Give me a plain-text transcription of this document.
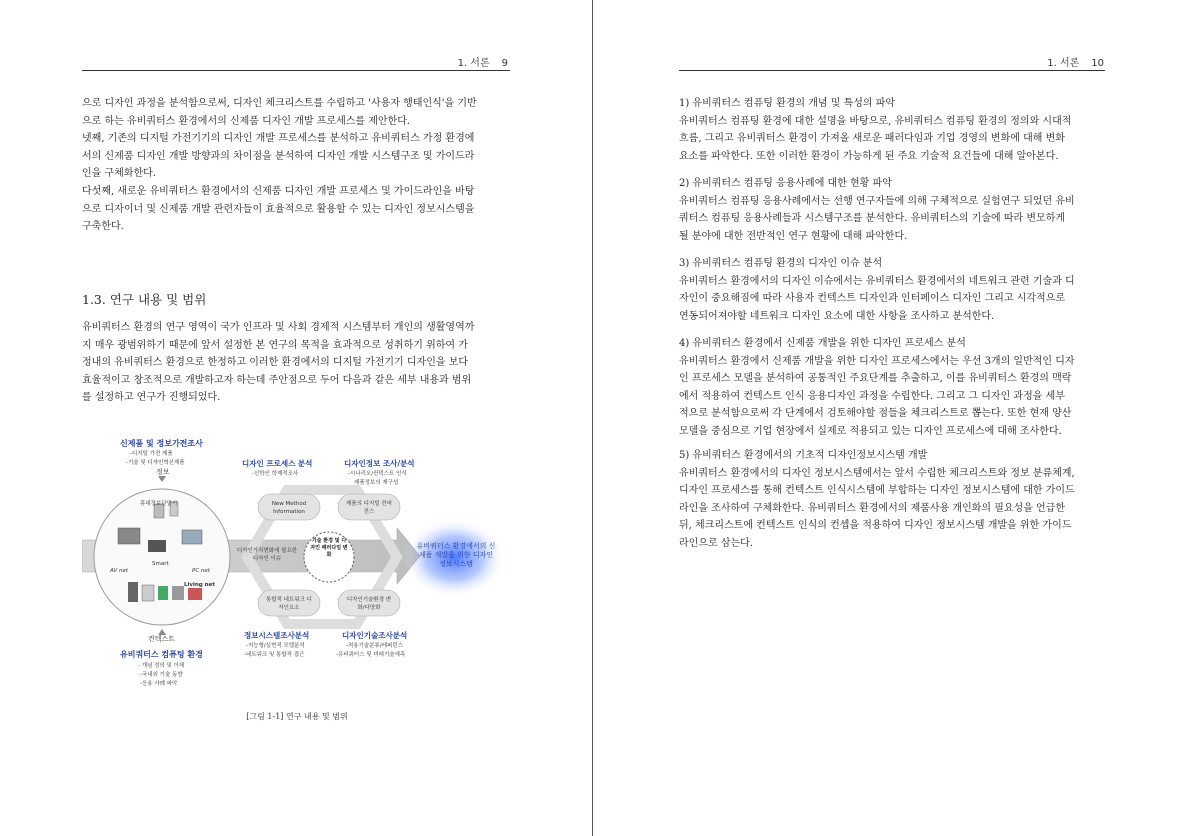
1. 서론 9
으로 디자인 과정을 분석함으로써, 디자인 체크리스트를 수립하고 '사용자 행태인식'을 기반
으로 하는 유비쿼터스 환경에서의 신제품 디자인 개발 프로세스를 제안한다.
넷째, 기존의 디지털 가전기기의 디자인 개발 프로세스를 분석하고 유비쿼터스 가정 환경에
서의 신제품 디자인 개발 방향과의 차이점을 분석하여 디자인 개발 시스템구조 및 가이드라
인을 구체화한다.
다섯째, 새로운 유비쿼터스 환경에서의 신제품 디자인 개발 프로세스 및 가이드라인을 바탕
으로 디자이너 및 신제품 개발 관련자들이 효율적으로 활용할 수 있는 디자인 정보시스템을
구축한다.
1.3. 연구 내용 및 범위
유비쿼터스 환경의 연구 영역이 국가 인프라 및 사회 경제적 시스템부터 개인의 생활영역까
지 매우 광범위하기 때문에 앞서 설정한 본 연구의 목적을 효과적으로 성취하기 위하여 가
정내의 유비쿼터스 환경으로 한정하고 이러한 환경에서의 디지털 가전기기 디자인을 보다
효율적이고 창조적으로 개발하고자 하는데 주안점으로 두어 다음과 같은 세부 내용과 범위
를 설정하고 연구가 진행되었다.
신제품 및 정보가전조사
-디지털 가전 제품
-기술 및 디자인혁신제품
정보
휴대정보단말기
AV net
Smart
PC net
Living net
컨텍스트
유비쿼터스 컴퓨팅 환경
- 개념 정의 및 이해
-국내외 기술 동향
-응용 사례 파악
디자인 프로세스 분석
-신학인 학제적조사
디자인정보 조사/분석
-시나리오/컨텍스트 인식
제품정보의 재구성
New Method Information
제품의 디지털 컨버전스
디자인가치변화에 필요한 디자인 이슈
기술 환경 및 디자인 패러다임 변화
통합적 네트워크 디자인요소
디자인기술환경 변화/다양화
정보시스템조사분석
-지능형/실현적 모델분석
-네트워크 및 통합적 접근
디자인기술조사분석
-적용기술분류/레퍼런스
-유비쿼터스 및 미래기술예측
유비쿼터스 환경에서의 신제품 개발을 위한 디자인 정보시스템
[그림 1-1] 연구 내용 및 범위
1. 서론 10
1) 유비쿼터스 컴퓨팅 환경의 개념 및 특성의 파악
유비쿼터스 컴퓨팅 환경에 대한 설명을 바탕으로, 유비쿼터스 컴퓨팅 환경의 정의와 시대적
흐름, 그리고 유비쿼터스 환경이 가져올 새로운 패러다임과 기업 경영의 변화에 대해 변화
요소를 파악한다. 또한 이러한 환경이 가능하게 된 주요 기술적 요건들에 대해 알아본다.
2) 유비쿼터스 컴퓨팅 응용사례에 대한 현황 파악
유비쿼터스 컴퓨팅 응용사례에서는 선행 연구자들에 의해 구체적으로 실험연구 되었던 유비
쿼터스 컴퓨팅 응용사례들과 시스템구조를 분석한다. 유비쿼터스의 기술에 따라 변모하게
될 분야에 대한 전반적인 연구 현황에 대해 파악한다.
3) 유비쿼터스 컴퓨팅 환경의 디자인 이슈 분석
유비쿼터스 환경에서의 디자인 이슈에서는 유비쿼터스 환경에서의 네트워크 관련 기술과 디
자인이 중요해짐에 따라 사용자 컨텍스트 디자인과 인터페이스 디자인 그리고 시각적으로
연동되어져야할 네트워크 디자인 요소에 대한 사항을 조사하고 분석한다.
4) 유비쿼터스 환경에서 신제품 개발을 위한 디자인 프로세스 분석
유비쿼터스 환경에서 신제품 개발을 위한 디자인 프로세스에서는 우선 3개의 일반적인 디자
인 프로세스 모델을 분석하여 공통적인 주요단계를 추출하고, 이를 유비쿼터스 환경의 맥락
에서 적용하여 컨텍스트 인식 응용디자인 과정을 수립한다. 그리고 그 디자인 과정을 세부
적으로 분석함으로써 각 단계에서 검토해야할 점들을 체크리스트로 뽑는다. 또한 현재 양산
모델을 중심으로 기업 현장에서 실제로 적용되고 있는 디자인 프로세스에 대해 조사한다.
5) 유비쿼터스 환경에서의 기초적 디자인정보시스템 개발
유비쿼터스 환경에서의 디자인 정보시스템에서는 앞서 수립한 체크리스트와 정보 분류체계,
디자인 프로세스를 통해 컨텍스트 인식시스템에 부합하는 디자인 정보시스템에 대한 가이드
라인을 조사하여 구체화한다. 유비쿼터스 환경에서의 제품사용 개인화의 필요성을 언급한
뒤, 체크리스트에 컨텍스트 인식의 컨셉을 적용하여 디자인 정보시스템 개발을 위한 가이드
라인으로 삼는다.
